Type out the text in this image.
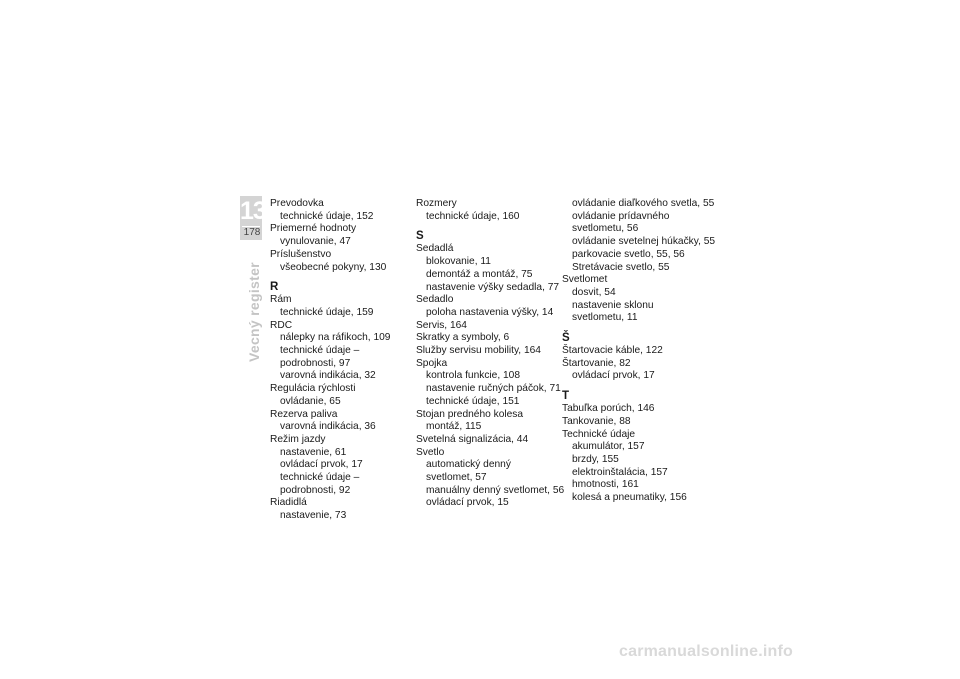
13
178
Vecný register
Prevodovka
technické údaje, 152
Priemerné hodnoty
vynulovanie, 47
Príslušenstvo
všeobecné pokyny, 130
R
Rám
technické údaje, 159
RDC
nálepky na ráfikoch, 109
technické údaje –
podrobnosti, 97
varovná indikácia, 32
Regulácia rýchlosti
ovládanie, 65
Rezerva paliva
varovná indikácia, 36
Režim jazdy
nastavenie, 61
ovládací prvok, 17
technické údaje –
podrobnosti, 92
Riadidlá
nastavenie, 73
Rozmery
technické údaje, 160
S
Sedadlá
blokovanie, 11
demontáž a montáž, 75
nastavenie výšky sedadla, 77
Sedadlo
poloha nastavenia výšky, 14
Servis, 164
Skratky a symboly, 6
Služby servisu mobility, 164
Spojka
kontrola funkcie, 108
nastavenie ručných páčok, 71
technické údaje, 151
Stojan predného kolesa
montáž, 115
Svetelná signalizácia, 44
Svetlo
automatický denný
svetlomet, 57
manuálny denný svetlomet, 56
ovládací prvok, 15
ovládanie diaľkového svetla, 55
ovládanie prídavného
svetlometu, 56
ovládanie svetelnej húkačky, 55
parkovacie svetlo, 55, 56
Stretávacie svetlo, 55
Svetlomet
dosvit, 54
nastavenie sklonu
svetlometu, 11
Š
Štartovacie káble, 122
Štartovanie, 82
ovládací prvok, 17
T
Tabuľka porúch, 146
Tankovanie, 88
Technické údaje
akumulátor, 157
brzdy, 155
elektroinštalácia, 157
hmotnosti, 161
kolesá a pneumatiky, 156
carmanualsonline.info
